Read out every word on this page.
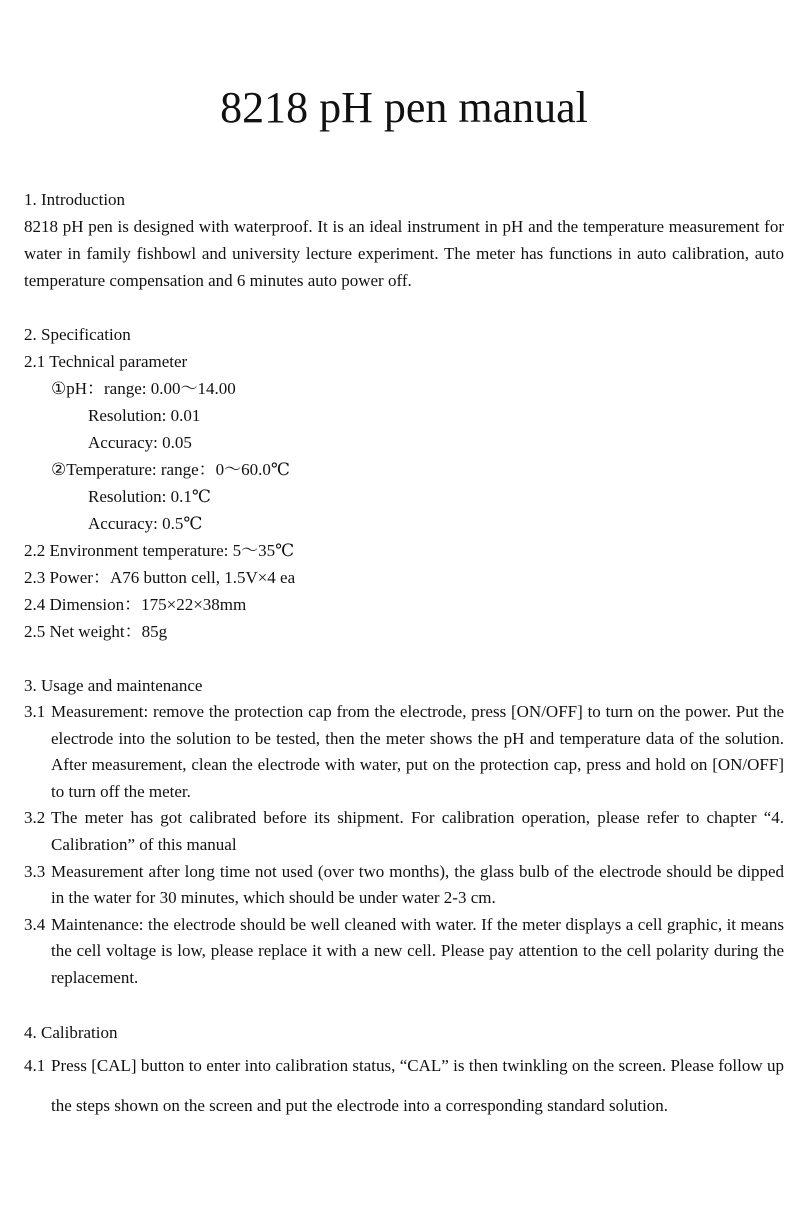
8218 pH pen manual
1. Introduction
8218 pH pen is designed with waterproof. It is an ideal instrument in pH and the temperature measurement for water in family fishbowl and university lecture experiment. The meter has functions in auto calibration, auto temperature compensation and 6 minutes auto power off.
2. Specification
2.1 Technical parameter
①pH：range: 0.00～14.00
Resolution: 0.01
Accuracy: 0.05
②Temperature: range：0～60.0℃
Resolution: 0.1℃
Accuracy: 0.5℃
2.2 Environment temperature: 5～35℃
2.3 Power：A76 button cell, 1.5V×4 ea
2.4 Dimension：175×22×38mm
2.5 Net weight：85g
3. Usage and maintenance
3.1 Measurement: remove the protection cap from the electrode, press [ON/OFF] to turn on the power. Put the electrode into the solution to be tested, then the meter shows the pH and temperature data of the solution. After measurement, clean the electrode with water, put on the protection cap, press and hold on [ON/OFF] to turn off the meter.
3.2 The meter has got calibrated before its shipment. For calibration operation, please refer to chapter “4. Calibration” of this manual
3.3 Measurement after long time not used (over two months), the glass bulb of the electrode should be dipped in the water for 30 minutes, which should be under water 2-3 cm.
3.4 Maintenance: the electrode should be well cleaned with water. If the meter displays a cell graphic, it means the cell voltage is low, please replace it with a new cell. Please pay attention to the cell polarity during the replacement.
4. Calibration
4.1 Press [CAL] button to enter into calibration status, “CAL” is then twinkling on the screen. Please follow up the steps shown on the screen and put the electrode into a corresponding standard solution.
